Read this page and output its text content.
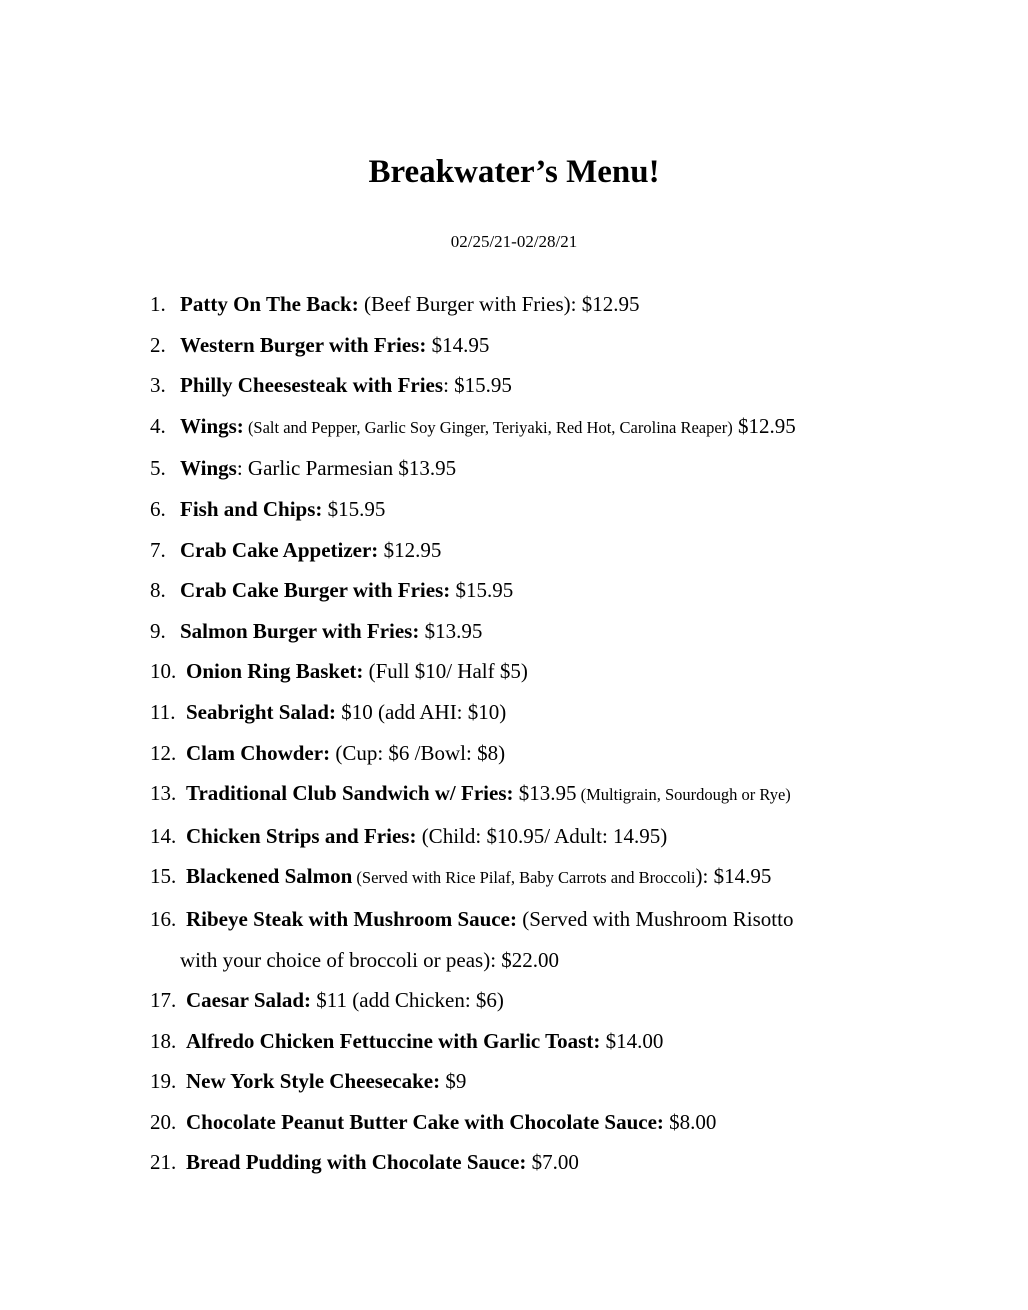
Breakwater’s Menu!
02/25/21-02/28/21
1. Patty On The Back: (Beef Burger with Fries): $12.95
2. Western Burger with Fries: $14.95
3. Philly Cheesesteak with Fries: $15.95
4. Wings: (Salt and Pepper, Garlic Soy Ginger, Teriyaki, Red Hot, Carolina Reaper) $12.95
5. Wings: Garlic Parmesian $13.95
6. Fish and Chips: $15.95
7. Crab Cake Appetizer: $12.95
8. Crab Cake Burger with Fries: $15.95
9. Salmon Burger with Fries: $13.95
10. Onion Ring Basket: (Full $10/ Half $5)
11. Seabright Salad: $10 (add AHI: $10)
12. Clam Chowder: (Cup: $6 /Bowl: $8)
13. Traditional Club Sandwich w/ Fries: $13.95 (Multigrain, Sourdough or Rye)
14. Chicken Strips and Fries: (Child: $10.95/ Adult: 14.95)
15. Blackened Salmon (Served with Rice Pilaf, Baby Carrots and Broccoli): $14.95
16. Ribeye Steak with Mushroom Sauce: (Served with Mushroom Risotto
with your choice of broccoli or peas): $22.00
17. Caesar Salad: $11 (add Chicken: $6)
18. Alfredo Chicken Fettuccine with Garlic Toast: $14.00
19. New York Style Cheesecake: $9
20. Chocolate Peanut Butter Cake with Chocolate Sauce: $8.00
21. Bread Pudding with Chocolate Sauce: $7.00
